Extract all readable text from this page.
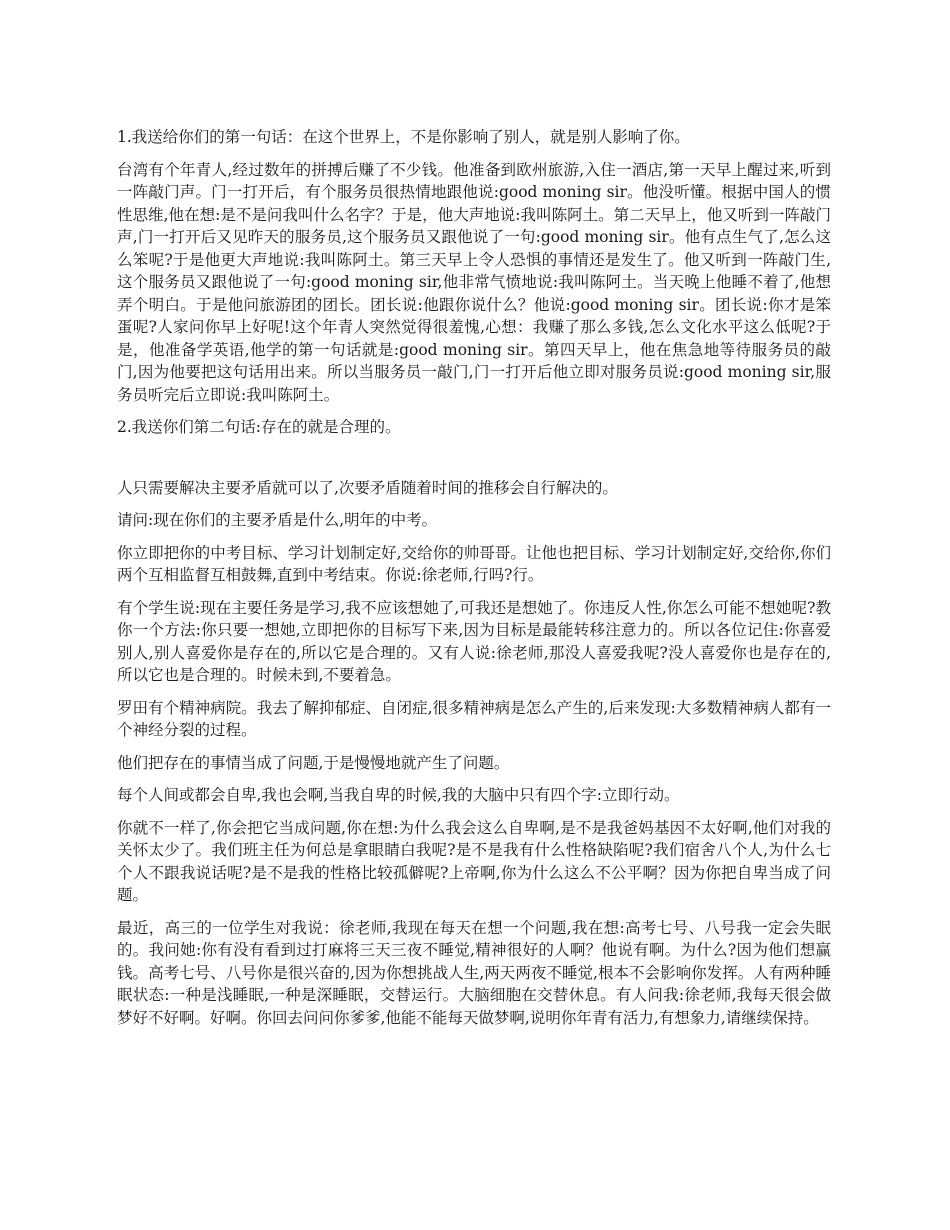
1.我送给你们的第一句话：在这个世界上，不是你影响了别人，就是别人影响了你。

台湾有个年青人,经过数年的拼搏后赚了不少钱。他准备到欧州旅游,入住一酒店,第一天早上醒过来,听到一阵敲门声。门一打开后，有个服务员很热情地跟他说:good moning sir。他没听懂。根据中国人的惯性思维,他在想:是不是问我叫什么名字？于是，他大声地说:我叫陈阿土。第二天早上，他又听到一阵敲门声,门一打开后又见昨天的服务员,这个服务员又跟他说了一句:good moning sir。他有点生气了,怎么这么笨呢?于是他更大声地说:我叫陈阿土。第三天早上令人恐惧的事情还是发生了。他又听到一阵敲门生,这个服务员又跟他说了一句:good moning sir,他非常气愤地说:我叫陈阿土。当天晚上他睡不着了,他想弄个明白。于是他问旅游团的团长。团长说:他跟你说什么？他说:good moning sir。团长说:你才是笨蛋呢?人家问你早上好呢!这个年青人突然觉得很羞愧,心想：我赚了那么多钱,怎么文化水平这么低呢?于是，他准备学英语,他学的第一句话就是:good moning sir。第四天早上，他在焦急地等待服务员的敲门,因为他要把这句话用出来。所以当服务员一敲门,门一打开后他立即对服务员说:good moning sir,服务员听完后立即说:我叫陈阿土。

2.我送你们第二句话:存在的就是合理的。

人只需要解决主要矛盾就可以了,次要矛盾随着时间的推移会自行解决的。

请问:现在你们的主要矛盾是什么,明年的中考。

你立即把你的中考目标、学习计划制定好,交给你的帅哥哥。让他也把目标、学习计划制定好,交给你,你们两个互相监督互相鼓舞,直到中考结束。你说:徐老师,行吗?行。

有个学生说:现在主要任务是学习,我不应该想她了,可我还是想她了。你违反人性,你怎么可能不想她呢?教你一个方法:你只要一想她,立即把你的目标写下来,因为目标是最能转移注意力的。所以各位记住:你喜爱别人,别人喜爱你是存在的,所以它是合理的。又有人说:徐老师,那没人喜爱我呢?没人喜爱你也是存在的,所以它也是合理的。时候未到,不要着急。

罗田有个精神病院。我去了解抑郁症、自闭症,很多精神病是怎么产生的,后来发现:大多数精神病人都有一个神经分裂的过程。

他们把存在的事情当成了问题,于是慢慢地就产生了问题。

每个人间或都会自卑,我也会啊,当我自卑的时候,我的大脑中只有四个字:立即行动。

你就不一样了,你会把它当成问题,你在想:为什么我会这么自卑啊,是不是我爸妈基因不太好啊,他们对我的关怀太少了。我们班主任为何总是拿眼睛白我呢?是不是我有什么性格缺陷呢?我们宿舍八个人,为什么七个人不跟我说话呢?是不是我的性格比较孤僻呢?上帝啊,你为什么这么不公平啊？因为你把自卑当成了问题。

最近，高三的一位学生对我说：徐老师,我现在每天在想一个问题,我在想:高考七号、八号我一定会失眠的。我问她:你有没有看到过打麻将三天三夜不睡觉,精神很好的人啊？他说有啊。为什么?因为他们想赢钱。高考七号、八号你是很兴奋的,因为你想挑战人生,两天两夜不睡觉,根本不会影响你发挥。人有两种睡眠状态:一种是浅睡眠,一种是深睡眠，交替运行。大脑细胞在交替休息。有人问我:徐老师,我每天很会做梦好不好啊。好啊。你回去问问你爹爹,他能不能每天做梦啊,说明你年青有活力,有想象力,请继续保持。
